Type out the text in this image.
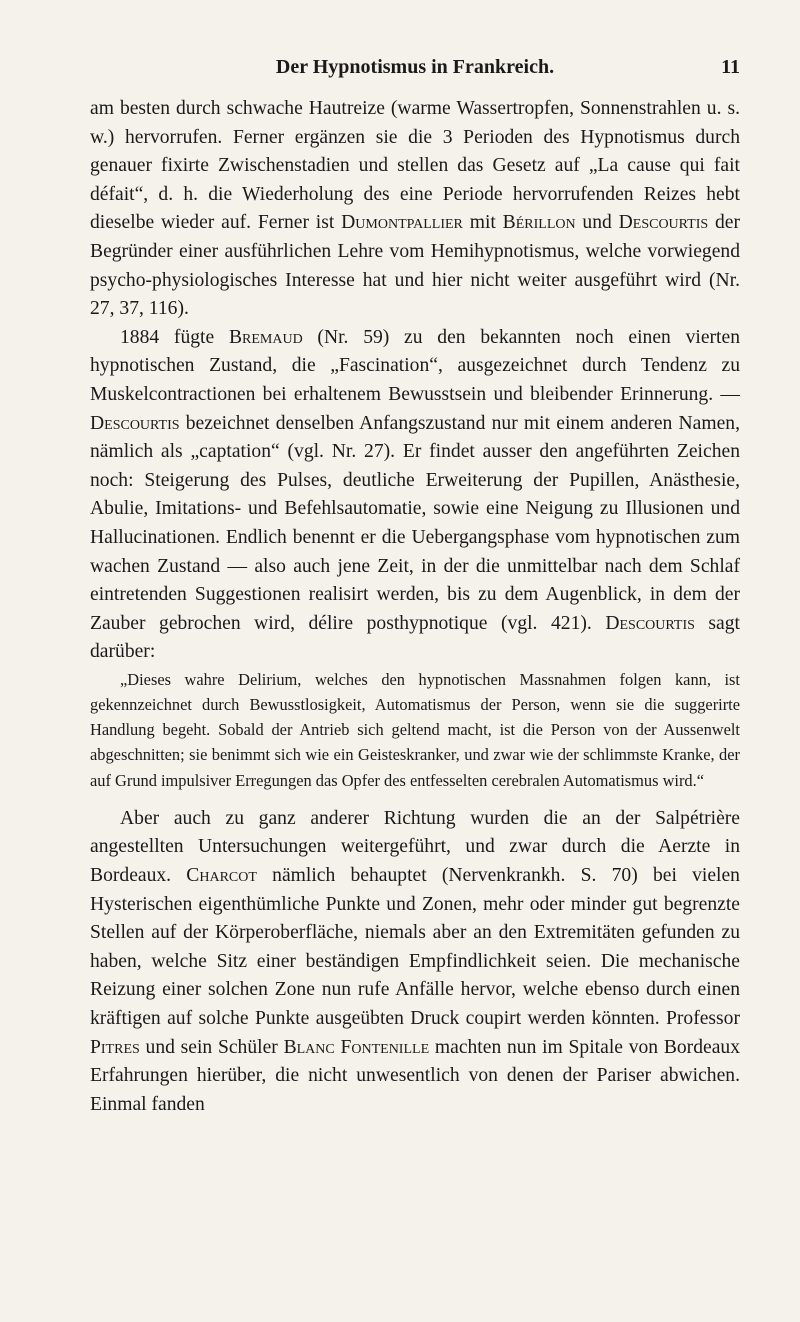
Der Hypnotismus in Frankreich.	11

am besten durch schwache Hautreize (warme Wassertropfen, Sonnenstrahlen u. s. w.) hervorrufen. Ferner ergänzen sie die 3 Perioden des Hypnotismus durch genauer fixirte Zwischenstadien und stellen das Gesetz auf „La cause qui fait défait“, d. h. die Wiederholung des eine Periode hervorrufenden Reizes hebt dieselbe wieder auf. Ferner ist Dumontpallier mit Bérillon und Descourtis der Begründer einer ausführlichen Lehre vom Hemihypnotismus, welche vorwiegend psycho-physiologisches Interesse hat und hier nicht weiter ausgeführt wird (Nr. 27, 37, 116).

1884 fügte Bremaud (Nr. 59) zu den bekannten noch einen vierten hypnotischen Zustand, die „Fascination“, ausgezeichnet durch Tendenz zu Muskelcontractionen bei erhaltenem Bewusstsein und bleibender Erinnerung. — Descourtis bezeichnet denselben Anfangszustand nur mit einem anderen Namen, nämlich als „captation“ (vgl. Nr. 27). Er findet ausser den angeführten Zeichen noch: Steigerung des Pulses, deutliche Erweiterung der Pupillen, Anästhesie, Abulie, Imitations- und Befehlsautomatie, sowie eine Neigung zu Illusionen und Hallucinationen. Endlich benennt er die Uebergangsphase vom hypnotischen zum wachen Zustand — also auch jene Zeit, in der die unmittelbar nach dem Schlaf eintretenden Suggestionen realisirt werden, bis zu dem Augenblick, in dem der Zauber gebrochen wird, délire posthypnotique (vgl. 421). Descourtis sagt darüber:

„Dieses wahre Delirium, welches den hypnotischen Massnahmen folgen kann, ist gekennzeichnet durch Bewusstlosigkeit, Automatismus der Person, wenn sie die suggerirte Handlung begeht. Sobald der Antrieb sich geltend macht, ist die Person von der Aussenwelt abgeschnitten; sie benimmt sich wie ein Geisteskranker, und zwar wie der schlimmste Kranke, der auf Grund impulsiver Erregungen das Opfer des entfesselten cerebralen Automatismus wird.“

Aber auch zu ganz anderer Richtung wurden die an der Salpétrière angestellten Untersuchungen weitergeführt, und zwar durch die Aerzte in Bordeaux. Charcot nämlich behauptet (Nervenkrankh. S. 70) bei vielen Hysterischen eigenthümliche Punkte und Zonen, mehr oder minder gut begrenzte Stellen auf der Körperoberfläche, niemals aber an den Extremitäten gefunden zu haben, welche Sitz einer beständigen Empfindlichkeit seien. Die mechanische Reizung einer solchen Zone nun rufe Anfälle hervor, welche ebenso durch einen kräftigen auf solche Punkte ausgeübten Druck coupirt werden könnten. Professor Pitres und sein Schüler Blanc Fontenille machten nun im Spitale von Bordeaux Erfahrungen hierüber, die nicht unwesentlich von denen der Pariser abwichen. Einmal fanden
